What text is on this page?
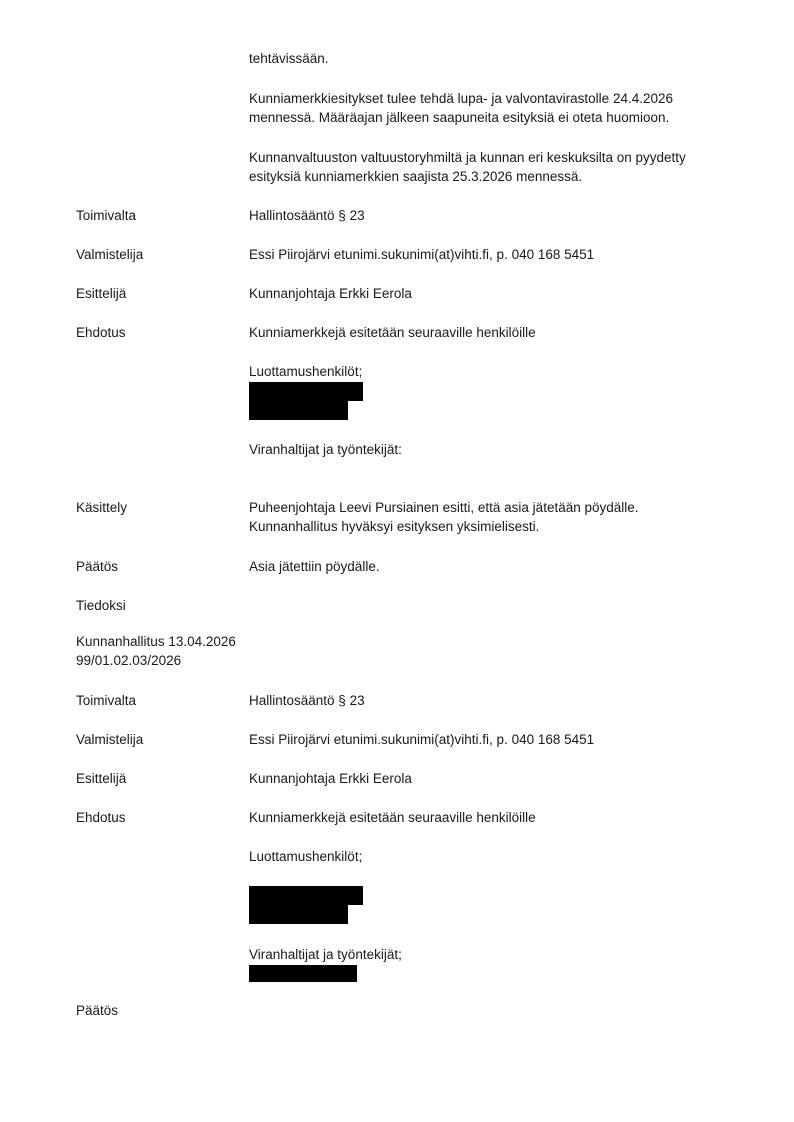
tehtävissään.
Kunniamerkkiesitykset tulee tehdä lupa- ja valvontavirastolle 24.4.2026
mennessä. Määräajan jälkeen saapuneita esityksiä ei oteta huomioon.
Kunnanvaltuuston valtuustoryhmiltä ja kunnan eri keskuksilta on pyydetty
esityksiä kunniamerkkien saajista 25.3.2026 mennessä.
Toimivalta	Hallintosääntö § 23
Valmistelija	Essi Piirojärvi etunimi.sukunimi(at)vihti.fi, p. 040 168 5451
Esittelijä	Kunnanjohtaja Erkki Eerola
Ehdotus	Kunniamerkkejä esitetään seuraaville henkilöille
Luottamushenkilöt;
Viranhaltijat ja työntekijät:
Käsittely	Puheenjohtaja Leevi Pursiainen esitti, että asia jätetään pöydälle.
Kunnanhallitus hyväksyi esityksen yksimielisesti.
Päätös	Asia jätettiin pöydälle.
Tiedoksi
Kunnanhallitus 13.04.2026
99/01.02.03/2026
Toimivalta	Hallintosääntö § 23
Valmistelija	Essi Piirojärvi etunimi.sukunimi(at)vihti.fi, p. 040 168 5451
Esittelijä	Kunnanjohtaja Erkki Eerola
Ehdotus	Kunniamerkkejä esitetään seuraaville henkilöille
Luottamushenkilöt;
Viranhaltijat ja työntekijät;
Päätös
